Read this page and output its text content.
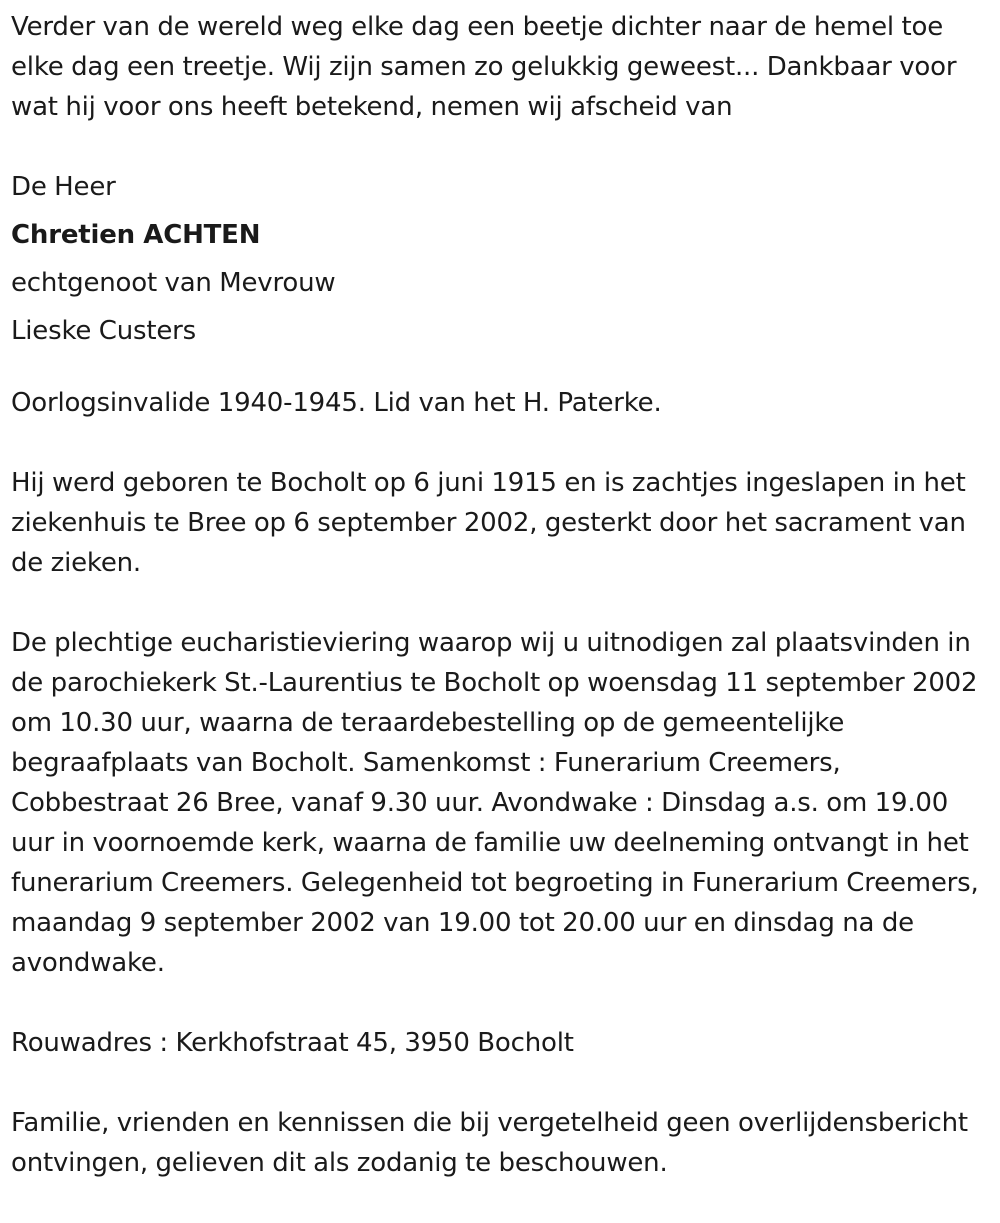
Verder van de wereld weg elke dag een beetje dichter naar de hemel toe elke dag een treetje. Wij zijn samen zo gelukkig geweest... Dankbaar voor wat hij voor ons heeft betekend, nemen wij afscheid van

De Heer

Chretien ACHTEN

echtgenoot van Mevrouw

Lieske Custers

Oorlogsinvalide 1940-1945. Lid van het H. Paterke.

Hij werd geboren te Bocholt op 6 juni 1915 en is zachtjes ingeslapen in het ziekenhuis te Bree op 6 september 2002, gesterkt door het sacrament van de zieken.

De plechtige eucharistieviering waarop wij u uitnodigen zal plaatsvinden in de parochiekerk St.-Laurentius te Bocholt op woensdag 11 september 2002 om 10.30 uur, waarna de teraardebestelling op de gemeentelijke begraafplaats van Bocholt. Samenkomst : Funerarium Creemers, Cobbestraat 26 Bree, vanaf 9.30 uur. Avondwake : Dinsdag a.s. om 19.00 uur in voornoemde kerk, waarna de familie uw deelneming ontvangt in het funerarium Creemers. Gelegenheid tot begroeting in Funerarium Creemers, maandag 9 september 2002 van 19.00 tot 20.00 uur en dinsdag na de avondwake.

Rouwadres : Kerkhofstraat 45, 3950 Bocholt

Familie, vrienden en kennissen die bij vergetelheid geen overlijdensbericht ontvingen, gelieven dit als zodanig te beschouwen.
